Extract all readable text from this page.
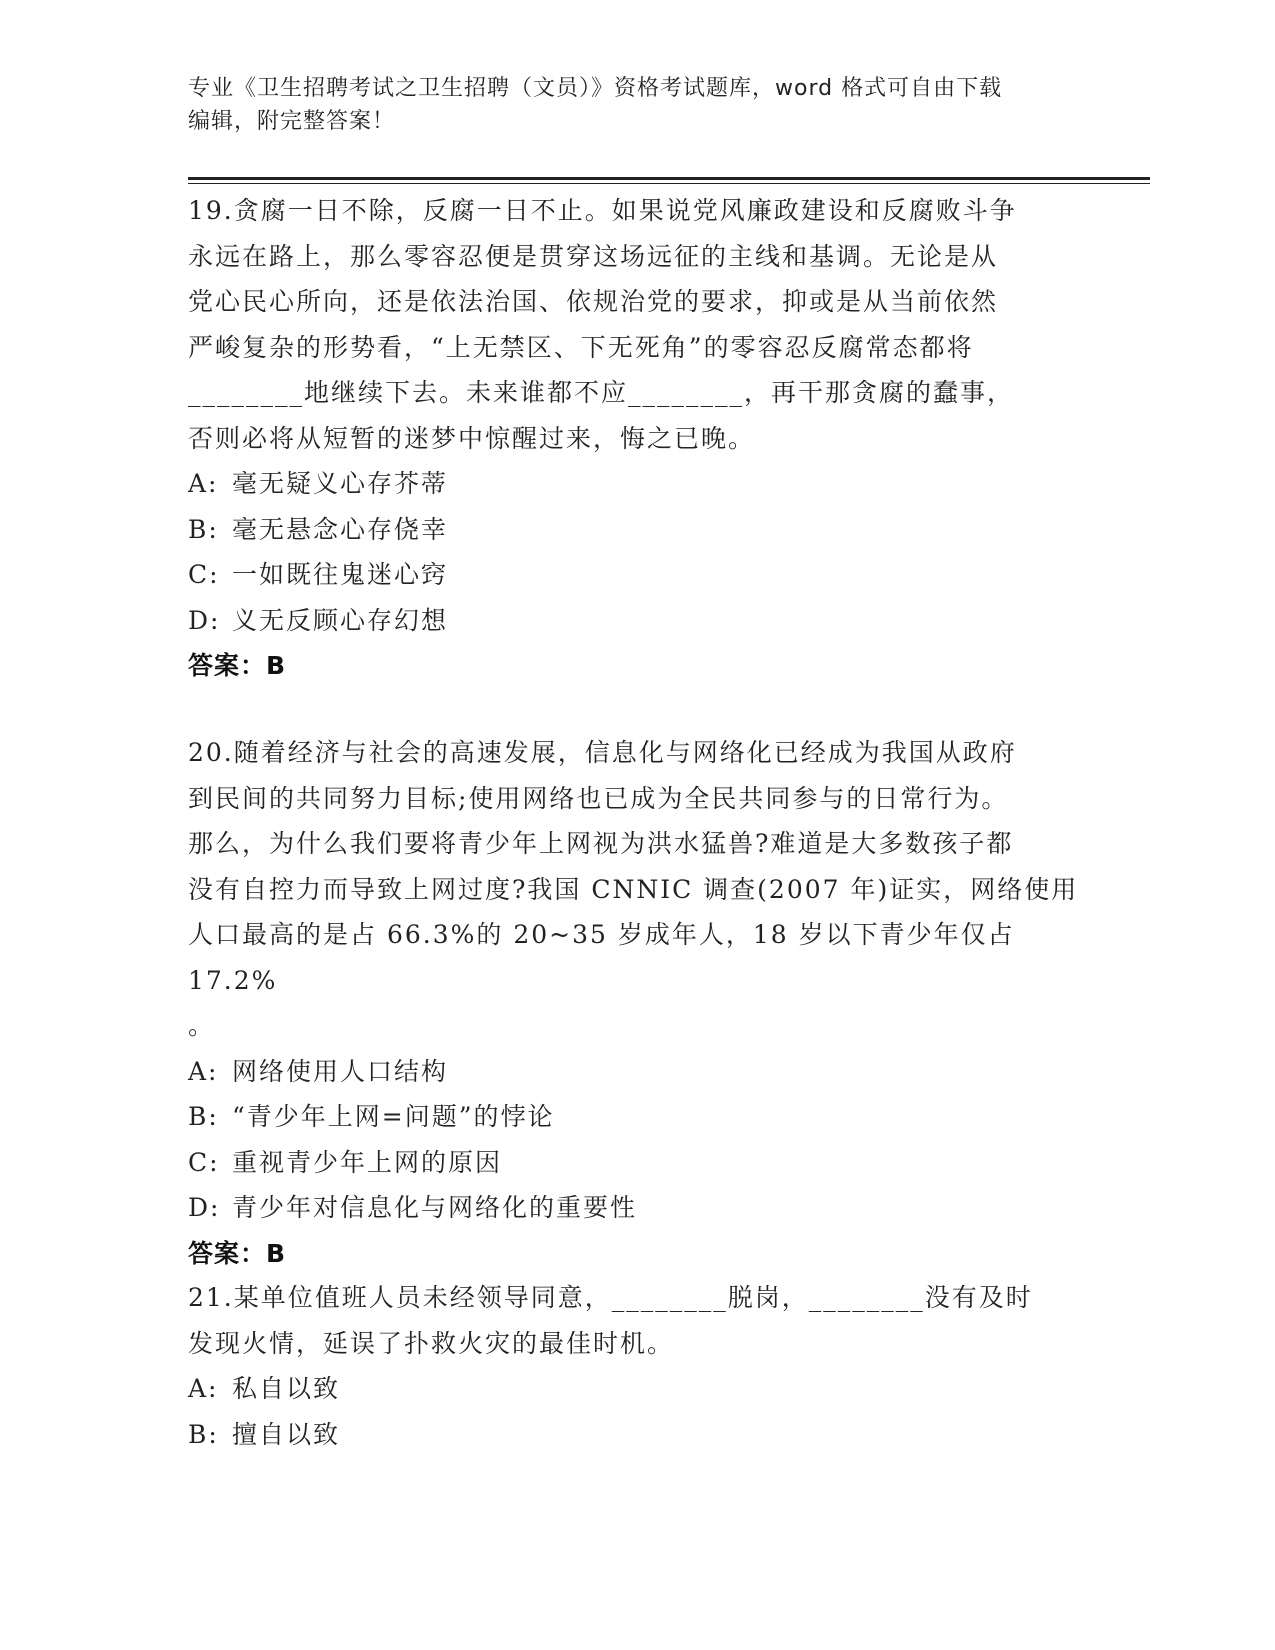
专业《卫生招聘考试之卫生招聘（文员）》资格考试题库，word 格式可自由下载
编辑，附完整答案！
19.贪腐一日不除，反腐一日不止。如果说党风廉政建设和反腐败斗争
永远在路上，那么零容忍便是贯穿这场远征的主线和基调。无论是从
党心民心所向，还是依法治国、依规治党的要求，抑或是从当前依然
严峻复杂的形势看，“上无禁区、下无死角”的零容忍反腐常态都将
________地继续下去。未来谁都不应________，再干那贪腐的蠢事，
否则必将从短暂的迷梦中惊醒过来，悔之已晚。
A: 毫无疑义心存芥蒂
B: 毫无悬念心存侥幸
C: 一如既往鬼迷心窍
D: 义无反顾心存幻想
答案：B
20.随着经济与社会的高速发展，信息化与网络化已经成为我国从政府
到民间的共同努力目标;使用网络也已成为全民共同参与的日常行为。
那么，为什么我们要将青少年上网视为洪水猛兽?难道是大多数孩子都
没有自控力而导致上网过度?我国 CNNIC 调查(2007 年)证实，网络使用
人口最高的是占 66.3%的 20~35 岁成年人，18 岁以下青少年仅占 17.2%
。
A: 网络使用人口结构
B: “青少年上网=问题”的悖论
C: 重视青少年上网的原因
D: 青少年对信息化与网络化的重要性
答案：B
21.某单位值班人员未经领导同意，________脱岗，________没有及时
发现火情，延误了扑救火灾的最佳时机。
A: 私自以致
B: 擅自以致
